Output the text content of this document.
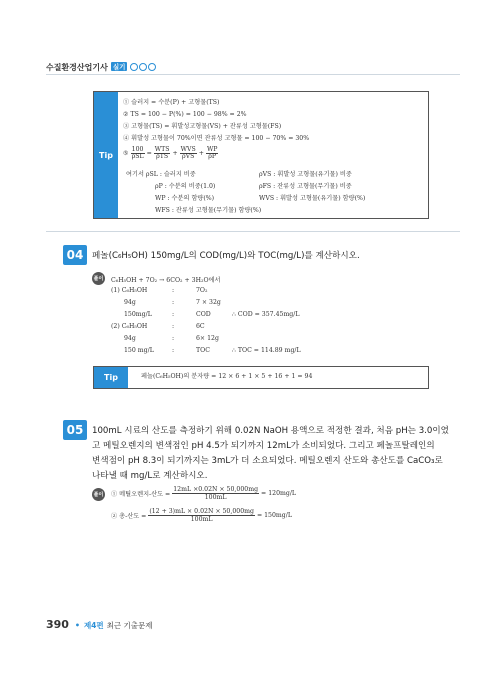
수질환경산업기사 실기
Tip
① 슬러지 = 수분(P) + 고형물(TS)
② TS = 100 − P(%) = 100 − 98% = 2%
③ 고형물(TS) = 휘발성고형물(VS) + 잔류성 고형물(FS)
④ 휘발성 고형물이 70%이면 잔류성 고형물 = 100 − 70% = 30%
⑤ $\frac{100}{\text{ρSL}} = \frac{\text{WTS}}{\text{ρTS}} + \frac{\text{WVS}}{\text{ρVS}} + \frac{WP}{\rho P}$
여기서 ρSL : 슬러지 비중	ρVS : 휘발성 고형물(유기물) 비중
ρP : 수분의 비중(1.0)	ρFS : 잔류성 고형물(무기물) 비중
WP : 수분의 함량(%)	WVS : 휘발성 고형물(유기물) 함량(%)
WFS : 잔류성 고형물(무기물) 함량(%)
04	페놀(C₆H₅OH) 150mg/L의 COD(mg/L)와 TOC(mg/L)를 계산하시오.
풀이 C₆H₅OH + 7O₂ → 6CO₂ + 3H₂O에서
(1) C₆H₅OH	:	7O₂
94g	:	7 × 32g
150mg/L	:	COD	∴ COD = 357.45mg/L
(2) C₆H₅OH	:	6C
94g	:	6× 12g
150 mg/L	:	TOC	∴ TOC = 114.89 mg/L
Tip	페놀(C₆H₅OH)의 분자량 = 12 × 6 + 1 × 5 + 16 + 1 = 94
05	100mL 시료의 산도를 측정하기 위해 0.02N NaOH 용액으로 적정한 결과, 처음 pH는 3.0이였
고 메틸오렌지의 변색점인 pH 4.5가 되기까지 12mL가 소비되었다. 그리고 페놀프탈레인의
변색점이 pH 8.3이 되기까지는 3mL가 더 소요되었다. 메틸오렌지 산도와 총산도를 CaCO₃로
나타낼 때 mg/L로 계산하시오.
풀이 ① 메틸오렌지-산도 = $\frac{12mL \times 0.02N \times 50,000mg}{100mL} = 120mg/L$
② 총-산도 = $\frac{(12 + 3)mL \times 0.02N \times 50,000mg}{100mL} = 150mg/L$
390 • 제4편 최근 기출문제
